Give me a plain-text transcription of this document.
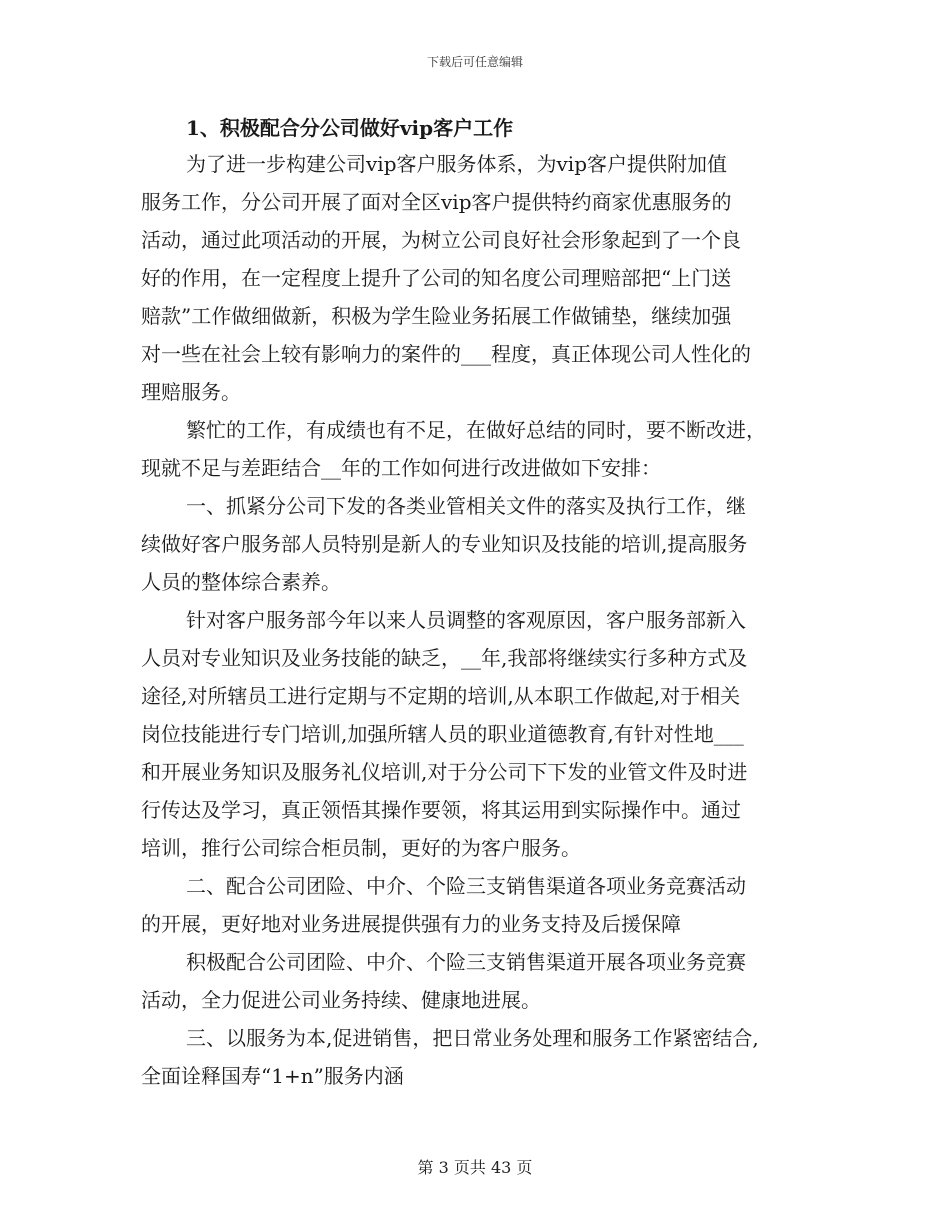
下载后可任意编辑
1、积极配合分公司做好vip客户工作
为了进一步构建公司vip客户服务体系，为vip客户提供附加值
服务工作，分公司开展了面对全区vip客户提供特约商家优惠服务的
活动，通过此项活动的开展，为树立公司良好社会形象起到了一个良
好的作用，在一定程度上提升了公司的知名度公司理赔部把“上门送
赔款”工作做细做新，积极为学生险业务拓展工作做铺垫，继续加强
对一些在社会上较有影响力的案件的___程度，真正体现公司人性化的
理赔服务。
繁忙的工作，有成绩也有不足，在做好总结的同时，要不断改进，
现就不足与差距结合__年的工作如何进行改进做如下安排：
一、抓紧分公司下发的各类业管相关文件的落实及执行工作，继
续做好客户服务部人员特别是新人的专业知识及技能的培训,提高服务
人员的整体综合素养。
针对客户服务部今年以来人员调整的客观原因，客户服务部新入
人员对专业知识及业务技能的缺乏，__年,我部将继续实行多种方式及
途径,对所辖员工进行定期与不定期的培训,从本职工作做起,对于相关
岗位技能进行专门培训,加强所辖人员的职业道德教育,有针对性地___
和开展业务知识及服务礼仪培训,对于分公司下下发的业管文件及时进
行传达及学习，真正领悟其操作要领，将其运用到实际操作中。通过
培训，推行公司综合柜员制，更好的为客户服务。
二、配合公司团险、中介、个险三支销售渠道各项业务竞赛活动
的开展，更好地对业务进展提供强有力的业务支持及后援保障
积极配合公司团险、中介、个险三支销售渠道开展各项业务竞赛
活动，全力促进公司业务持续、健康地进展。
三、以服务为本,促进销售，把日常业务处理和服务工作紧密结合,
全面诠释国寿“1+n”服务内涵
第 3 页共 43 页
